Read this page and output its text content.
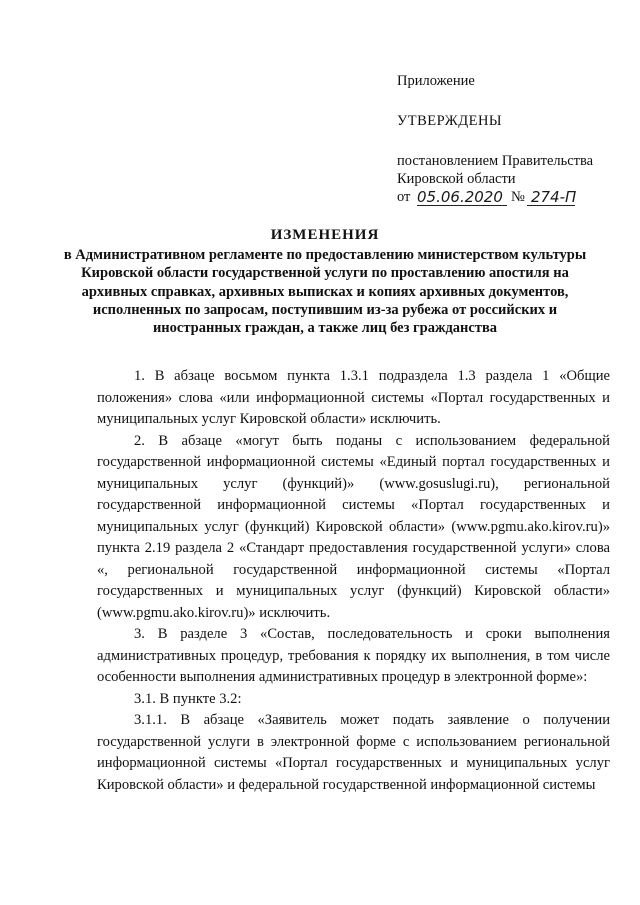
Приложение

УТВЕРЖДЕНЫ

постановлением Правительства
Кировской области
от 05.06.2020 № 274-П

ИЗМЕНЕНИЯ

в Административном регламенте по предоставлению министерством культуры Кировской области государственной услуги по проставлению апостиля на архивных справках, архивных выписках и копиях архивных документов, исполненных по запросам, поступившим из-за рубежа от российских и иностранных граждан, а также лиц без гражданства

1. В абзаце восьмом пункта 1.3.1 подраздела 1.3 раздела 1 «Общие положения» слова «или информационной системы «Портал государственных и муниципальных услуг Кировской области» исключить.

2. В абзаце «могут быть поданы с использованием федеральной государственной информационной системы «Единый портал государственных и муниципальных услуг (функций)» (www.gosuslugi.ru), региональной государственной информационной системы «Портал государственных и муниципальных услуг (функций) Кировской области» (www.pgmu.ako.kirov.ru)» пункта 2.19 раздела 2 «Стандарт предоставления государственной услуги» слова «, региональной государственной информационной системы «Портал государственных и муниципальных услуг (функций) Кировской области» (www.pgmu.ako.kirov.ru)» исключить.

3. В разделе 3 «Состав, последовательность и сроки выполнения административных процедур, требования к порядку их выполнения, в том числе особенности выполнения административных процедур в электронной форме»:

3.1. В пункте 3.2:

3.1.1. В абзаце «Заявитель может подать заявление о получении государственной услуги в электронной форме с использованием региональной информационной системы «Портал государственных и муниципальных услуг Кировской области» и федеральной государственной информационной системы
